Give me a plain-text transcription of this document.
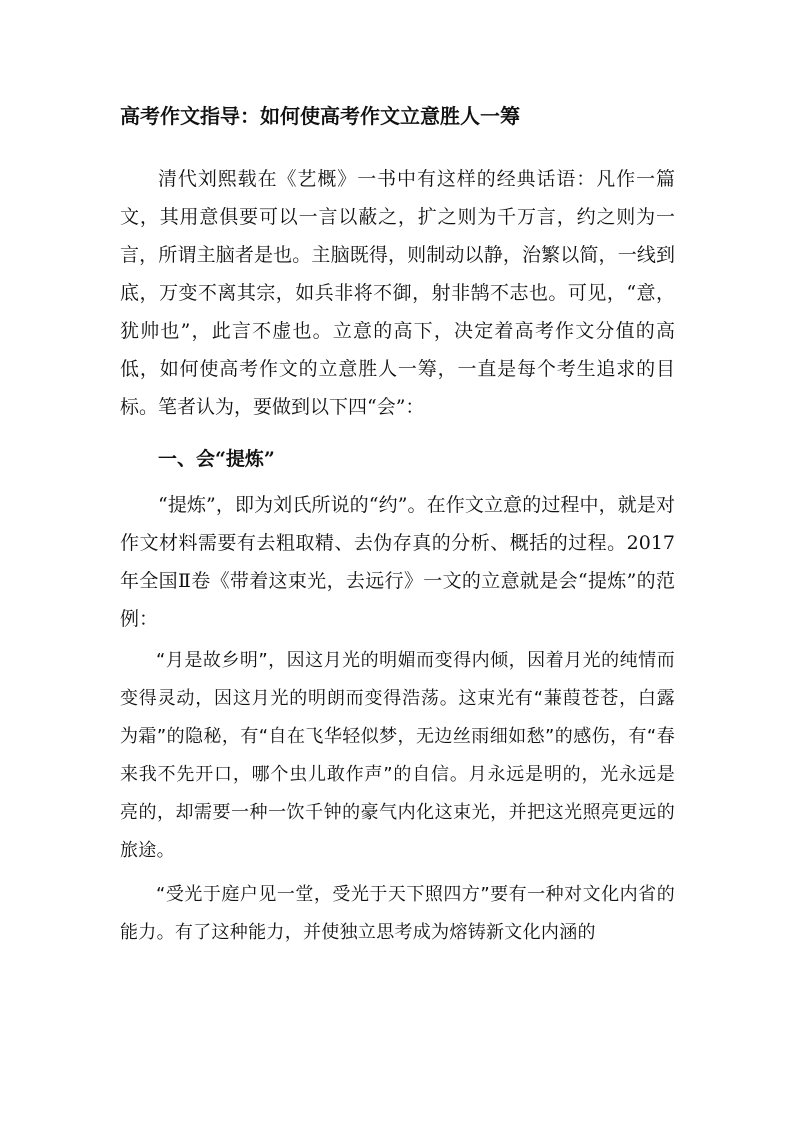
高考作文指导：如何使高考作文立意胜人一筹

清代刘熙载在《艺概》一书中有这样的经典话语：凡作一篇文，其用意俱要可以一言以蔽之，扩之则为千万言，约之则为一言，所谓主脑者是也。主脑既得，则制动以静，治繁以简，一线到底，万变不离其宗，如兵非将不御，射非鹄不志也。可见，“意，犹帅也”，此言不虚也。立意的高下，决定着高考作文分值的高低，如何使高考作文的立意胜人一筹，一直是每个考生追求的目标。笔者认为，要做到以下四“会”：

一、会“提炼”

“提炼”，即为刘氏所说的“约”。在作文立意的过程中，就是对作文材料需要有去粗取精、去伪存真的分析、概括的过程。2017年全国Ⅱ卷《带着这束光，去远行》一文的立意就是会“提炼”的范例：

“月是故乡明”，因这月光的明媚而变得内倾，因着月光的纯情而变得灵动，因这月光的明朗而变得浩荡。这束光有“蒹葭苍苍，白露为霜”的隐秘，有“自在飞华轻似梦，无边丝雨细如愁”的感伤，有“春来我不先开口，哪个虫儿敢作声”的自信。月永远是明的，光永远是亮的，却需要一种一饮千钟的豪气内化这束光，并把这光照亮更远的旅途。

“受光于庭户见一堂，受光于天下照四方”要有一种对文化内省的能力。有了这种能力，并使独立思考成为熔铸新文化内涵的
